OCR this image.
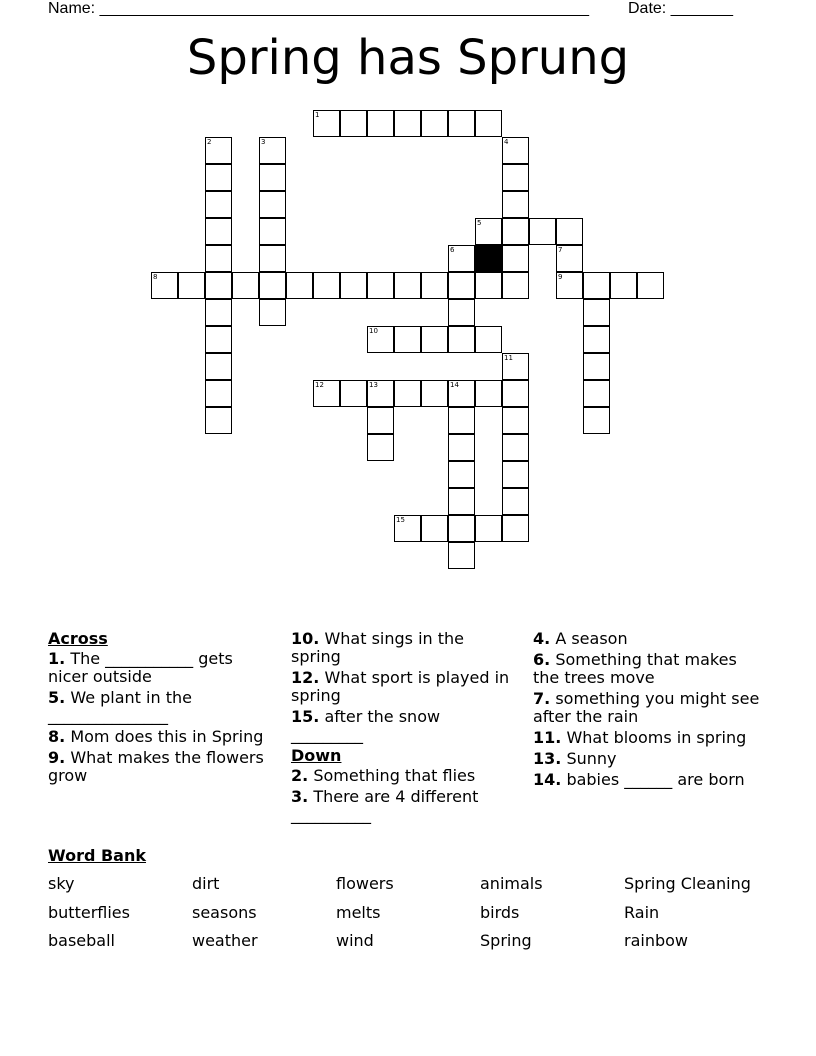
Name: _______________________________________________________ Date: _______
Spring has Sprung
1
2	3	4
5
6	7
8	9
10
11
12	13	14
15
Across
1. The ___________ gets nicer outside
5. We plant in the _______________
8. Mom does this in Spring
9. What makes the flowers grow
10. What sings in the spring
12. What sport is played in spring
15. after the snow _________
Down
2. Something that flies
3. There are 4 different __________
4. A season
6. Something that makes the trees move
7. something you might see after the rain
11. What blooms in spring
13. Sunny
14. babies ______ are born
Word Bank
sky	dirt	flowers	animals	Spring Cleaning
butterflies	seasons	melts	birds	Rain
baseball	weather	wind	Spring	rainbow
